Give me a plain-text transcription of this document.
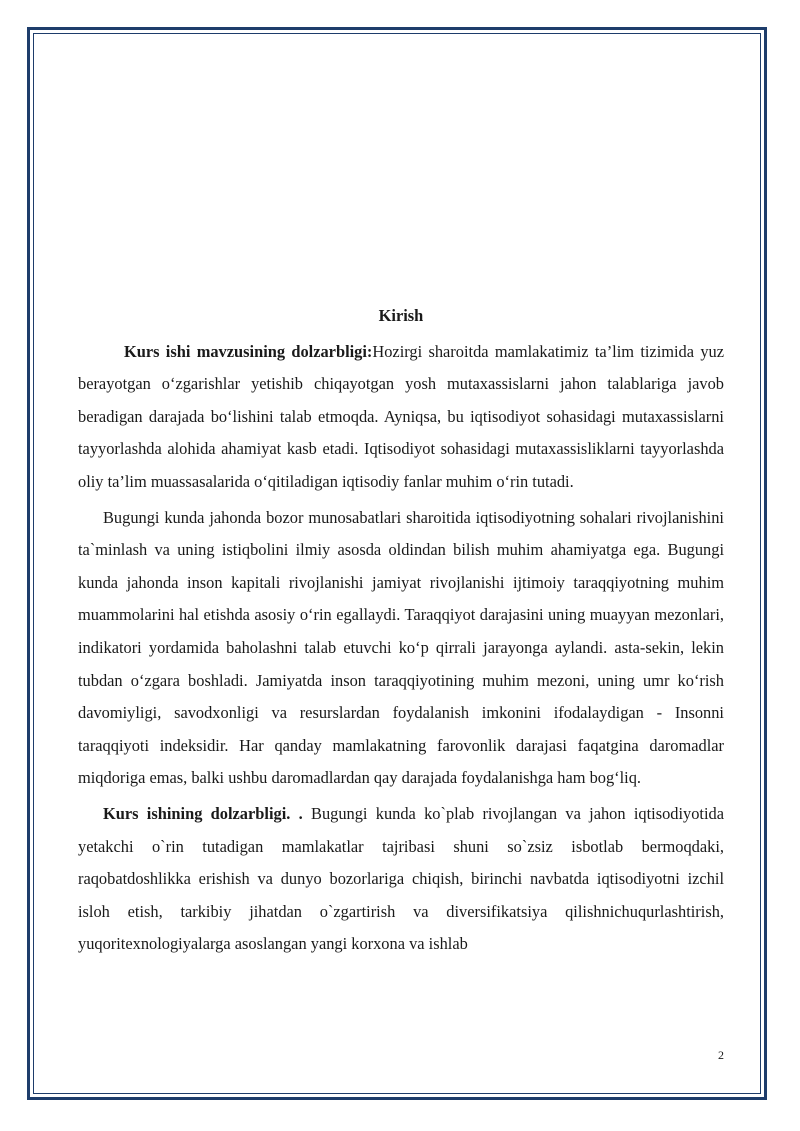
Kirish

Kurs ishi mavzusining dolzarbligi:Hozirgi sharoitda mamlakatimiz ta’lim tizimida yuz berayotgan o‘zgarishlar yetishib chiqayotgan yosh mutaxassislarni jahon talablariga javob beradigan darajada bo‘lishini talab etmoqda. Ayniqsa, bu iqtisodiyot sohasidagi mutaxassislarni tayyorlashda alohida ahamiyat kasb etadi. Iqtisodiyot sohasidagi mutaxassisliklarni tayyorlashda oliy ta’lim muassasalarida o‘qitiladigan iqtisodiy fanlar muhim o‘rin tutadi.

Bugungi kunda jahonda bozor munosabatlari sharoitida iqtisodiyotning sohalari rivojlanishini ta`minlash va uning istiqbolini ilmiy asosda oldindan bilish muhim ahamiyatga ega. Bugungi kunda jahonda inson kapitali rivojlanishi jamiyat rivojlanishi ijtimoiy taraqqiyotning muhim muammolarini hal etishda asosiy o‘rin egallaydi. Taraqqiyot darajasini uning muayyan mezonlari, indikatori yordamida baholashni talab etuvchi ko‘p qirrali jarayonga aylandi. asta-sekin, lekin tubdan o‘zgara boshladi. Jamiyatda inson taraqqiyotining muhim mezoni, uning umr ko‘rish davomiyligi, savodxonligi va resurslardan foydalanish imkonini ifodalaydigan - Insonni taraqqiyoti indeksidir. Har qanday mamlakatning farovonlik darajasi faqatgina daromadlar miqdoriga emas, balki ushbu daromadlardan qay darajada foydalanishga ham bog‘liq.

Kurs ishining dolzarbligi. . Bugungi kunda ko`plab rivojlangan va jahon iqtisodiyotida yetakchi o`rin tutadigan mamlakatlar tajribasi shuni so`zsiz isbotlab bermoqdaki, raqobatdoshlikka erishish va dunyo bozorlariga chiqish, birinchi navbatda iqtisodiyotni izchil isloh etish, tarkibiy jihatdan o`zgartirish va diversifikatsiya qilishnichuqurlashtirish, yuqoritexnologiyalarga asoslangan yangi korxona va ishlab

2
